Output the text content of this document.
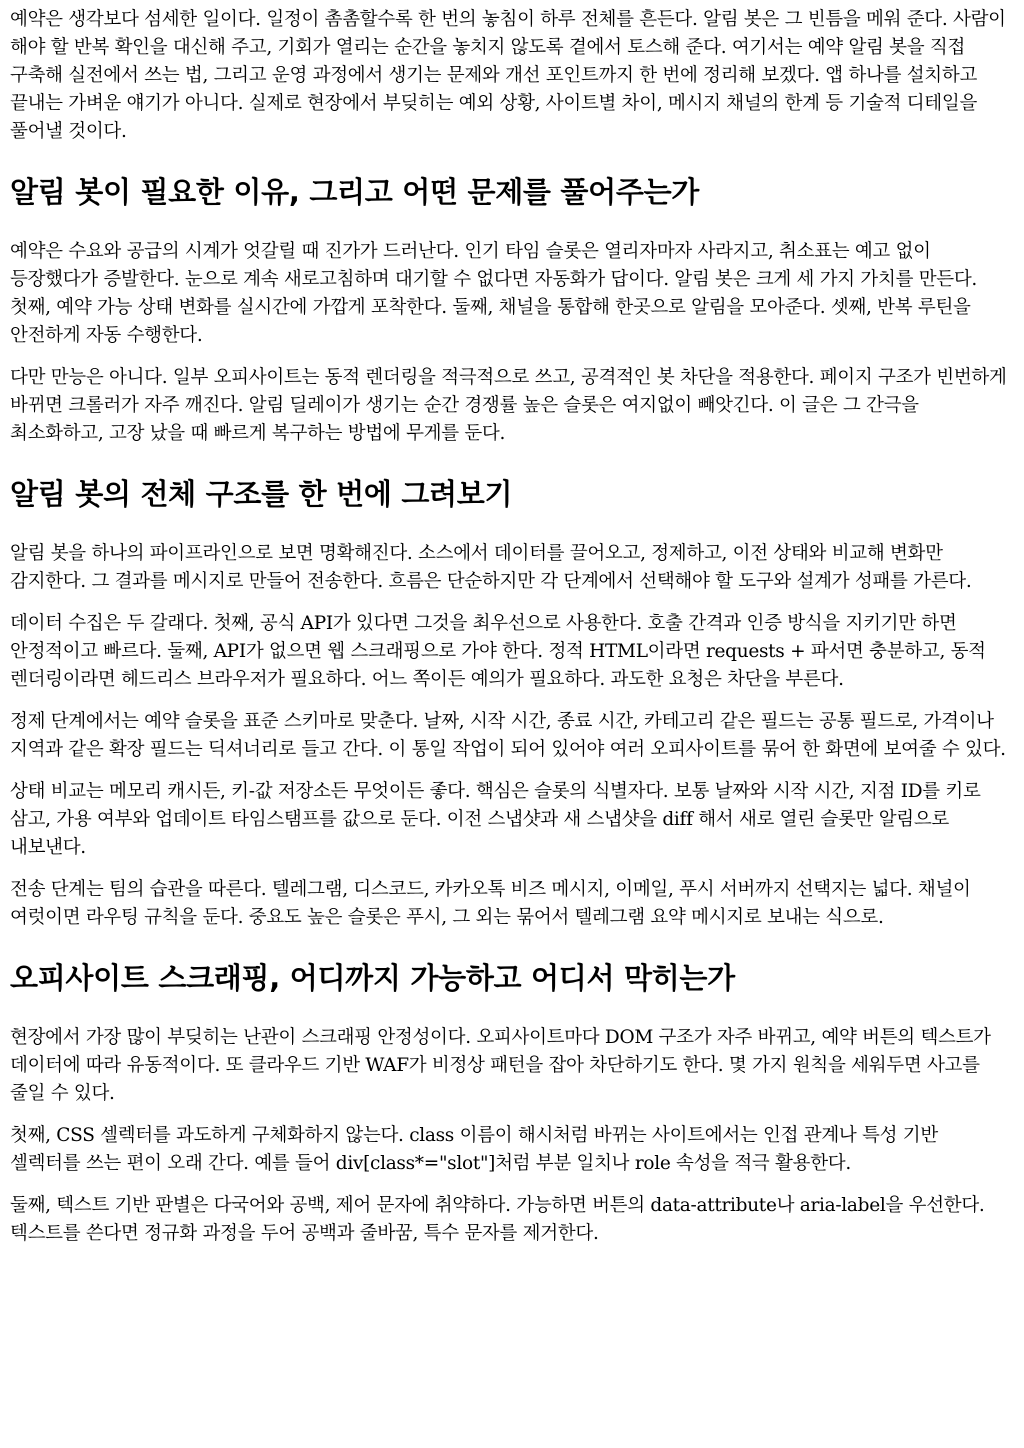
예약은 생각보다 섬세한 일이다. 일정이 촘촘할수록 한 번의 놓침이 하루 전체를 흔든다. 알림 봇은 그 빈틈을 메워 준다. 사람이 해야 할 반복 확인을 대신해 주고, 기회가 열리는 순간을 놓치지 않도록 곁에서 토스해 준다. 여기서는 예약 알림 봇을 직접 구축해 실전에서 쓰는 법, 그리고 운영 과정에서 생기는 문제와 개선 포인트까지 한 번에 정리해 보겠다. 앱 하나를 설치하고 끝내는 가벼운 얘기가 아니다. 실제로 현장에서 부딪히는 예외 상황, 사이트별 차이, 메시지 채널의 한계 등 기술적 디테일을 풀어낼 것이다.

알림 봇이 필요한 이유, 그리고 어떤 문제를 풀어주는가

예약은 수요와 공급의 시계가 엇갈릴 때 진가가 드러난다. 인기 타임 슬롯은 열리자마자 사라지고, 취소표는 예고 없이 등장했다가 증발한다. 눈으로 계속 새로고침하며 대기할 수 없다면 자동화가 답이다. 알림 봇은 크게 세 가지 가치를 만든다. 첫째, 예약 가능 상태 변화를 실시간에 가깝게 포착한다. 둘째, 채널을 통합해 한곳으로 알림을 모아준다. 셋째, 반복 루틴을 안전하게 자동 수행한다.

다만 만능은 아니다. 일부 오피사이트는 동적 렌더링을 적극적으로 쓰고, 공격적인 봇 차단을 적용한다. 페이지 구조가 빈번하게 바뀌면 크롤러가 자주 깨진다. 알림 딜레이가 생기는 순간 경쟁률 높은 슬롯은 여지없이 빼앗긴다. 이 글은 그 간극을 최소화하고, 고장 났을 때 빠르게 복구하는 방법에 무게를 둔다.

알림 봇의 전체 구조를 한 번에 그려보기

알림 봇을 하나의 파이프라인으로 보면 명확해진다. 소스에서 데이터를 끌어오고, 정제하고, 이전 상태와 비교해 변화만 감지한다. 그 결과를 메시지로 만들어 전송한다. 흐름은 단순하지만 각 단계에서 선택해야 할 도구와 설계가 성패를 가른다.

데이터 수집은 두 갈래다. 첫째, 공식 API가 있다면 그것을 최우선으로 사용한다. 호출 간격과 인증 방식을 지키기만 하면 안정적이고 빠르다. 둘째, API가 없으면 웹 스크래핑으로 가야 한다. 정적 HTML이라면 requests + 파서면 충분하고, 동적 렌더링이라면 헤드리스 브라우저가 필요하다. 어느 쪽이든 예의가 필요하다. 과도한 요청은 차단을 부른다.

정제 단계에서는 예약 슬롯을 표준 스키마로 맞춘다. 날짜, 시작 시간, 종료 시간, 카테고리 같은 필드는 공통 필드로, 가격이나 지역과 같은 확장 필드는 딕셔너리로 들고 간다. 이 통일 작업이 되어 있어야 여러 오피사이트를 묶어 한 화면에 보여줄 수 있다.

상태 비교는 메모리 캐시든, 키-값 저장소든 무엇이든 좋다. 핵심은 슬롯의 식별자다. 보통 날짜와 시작 시간, 지점 ID를 키로 삼고, 가용 여부와 업데이트 타임스탬프를 값으로 둔다. 이전 스냅샷과 새 스냅샷을 diff 해서 새로 열린 슬롯만 알림으로 내보낸다.

전송 단계는 팀의 습관을 따른다. 텔레그램, 디스코드, 카카오톡 비즈 메시지, 이메일, 푸시 서버까지 선택지는 넓다. 채널이 여럿이면 라우팅 규칙을 둔다. 중요도 높은 슬롯은 푸시, 그 외는 묶어서 텔레그램 요약 메시지로 보내는 식으로.

오피사이트 스크래핑, 어디까지 가능하고 어디서 막히는가

현장에서 가장 많이 부딪히는 난관이 스크래핑 안정성이다. 오피사이트마다 DOM 구조가 자주 바뀌고, 예약 버튼의 텍스트가 데이터에 따라 유동적이다. 또 클라우드 기반 WAF가 비정상 패턴을 잡아 차단하기도 한다. 몇 가지 원칙을 세워두면 사고를 줄일 수 있다.

첫째, CSS 셀렉터를 과도하게 구체화하지 않는다. class 이름이 해시처럼 바뀌는 사이트에서는 인접 관계나 특성 기반 셀렉터를 쓰는 편이 오래 간다. 예를 들어 div[class*="slot"]처럼 부분 일치나 role 속성을 적극 활용한다.

둘째, 텍스트 기반 판별은 다국어와 공백, 제어 문자에 취약하다. 가능하면 버튼의 data-attribute나 aria-label을 우선한다. 텍스트를 쓴다면 정규화 과정을 두어 공백과 줄바꿈, 특수 문자를 제거한다.
